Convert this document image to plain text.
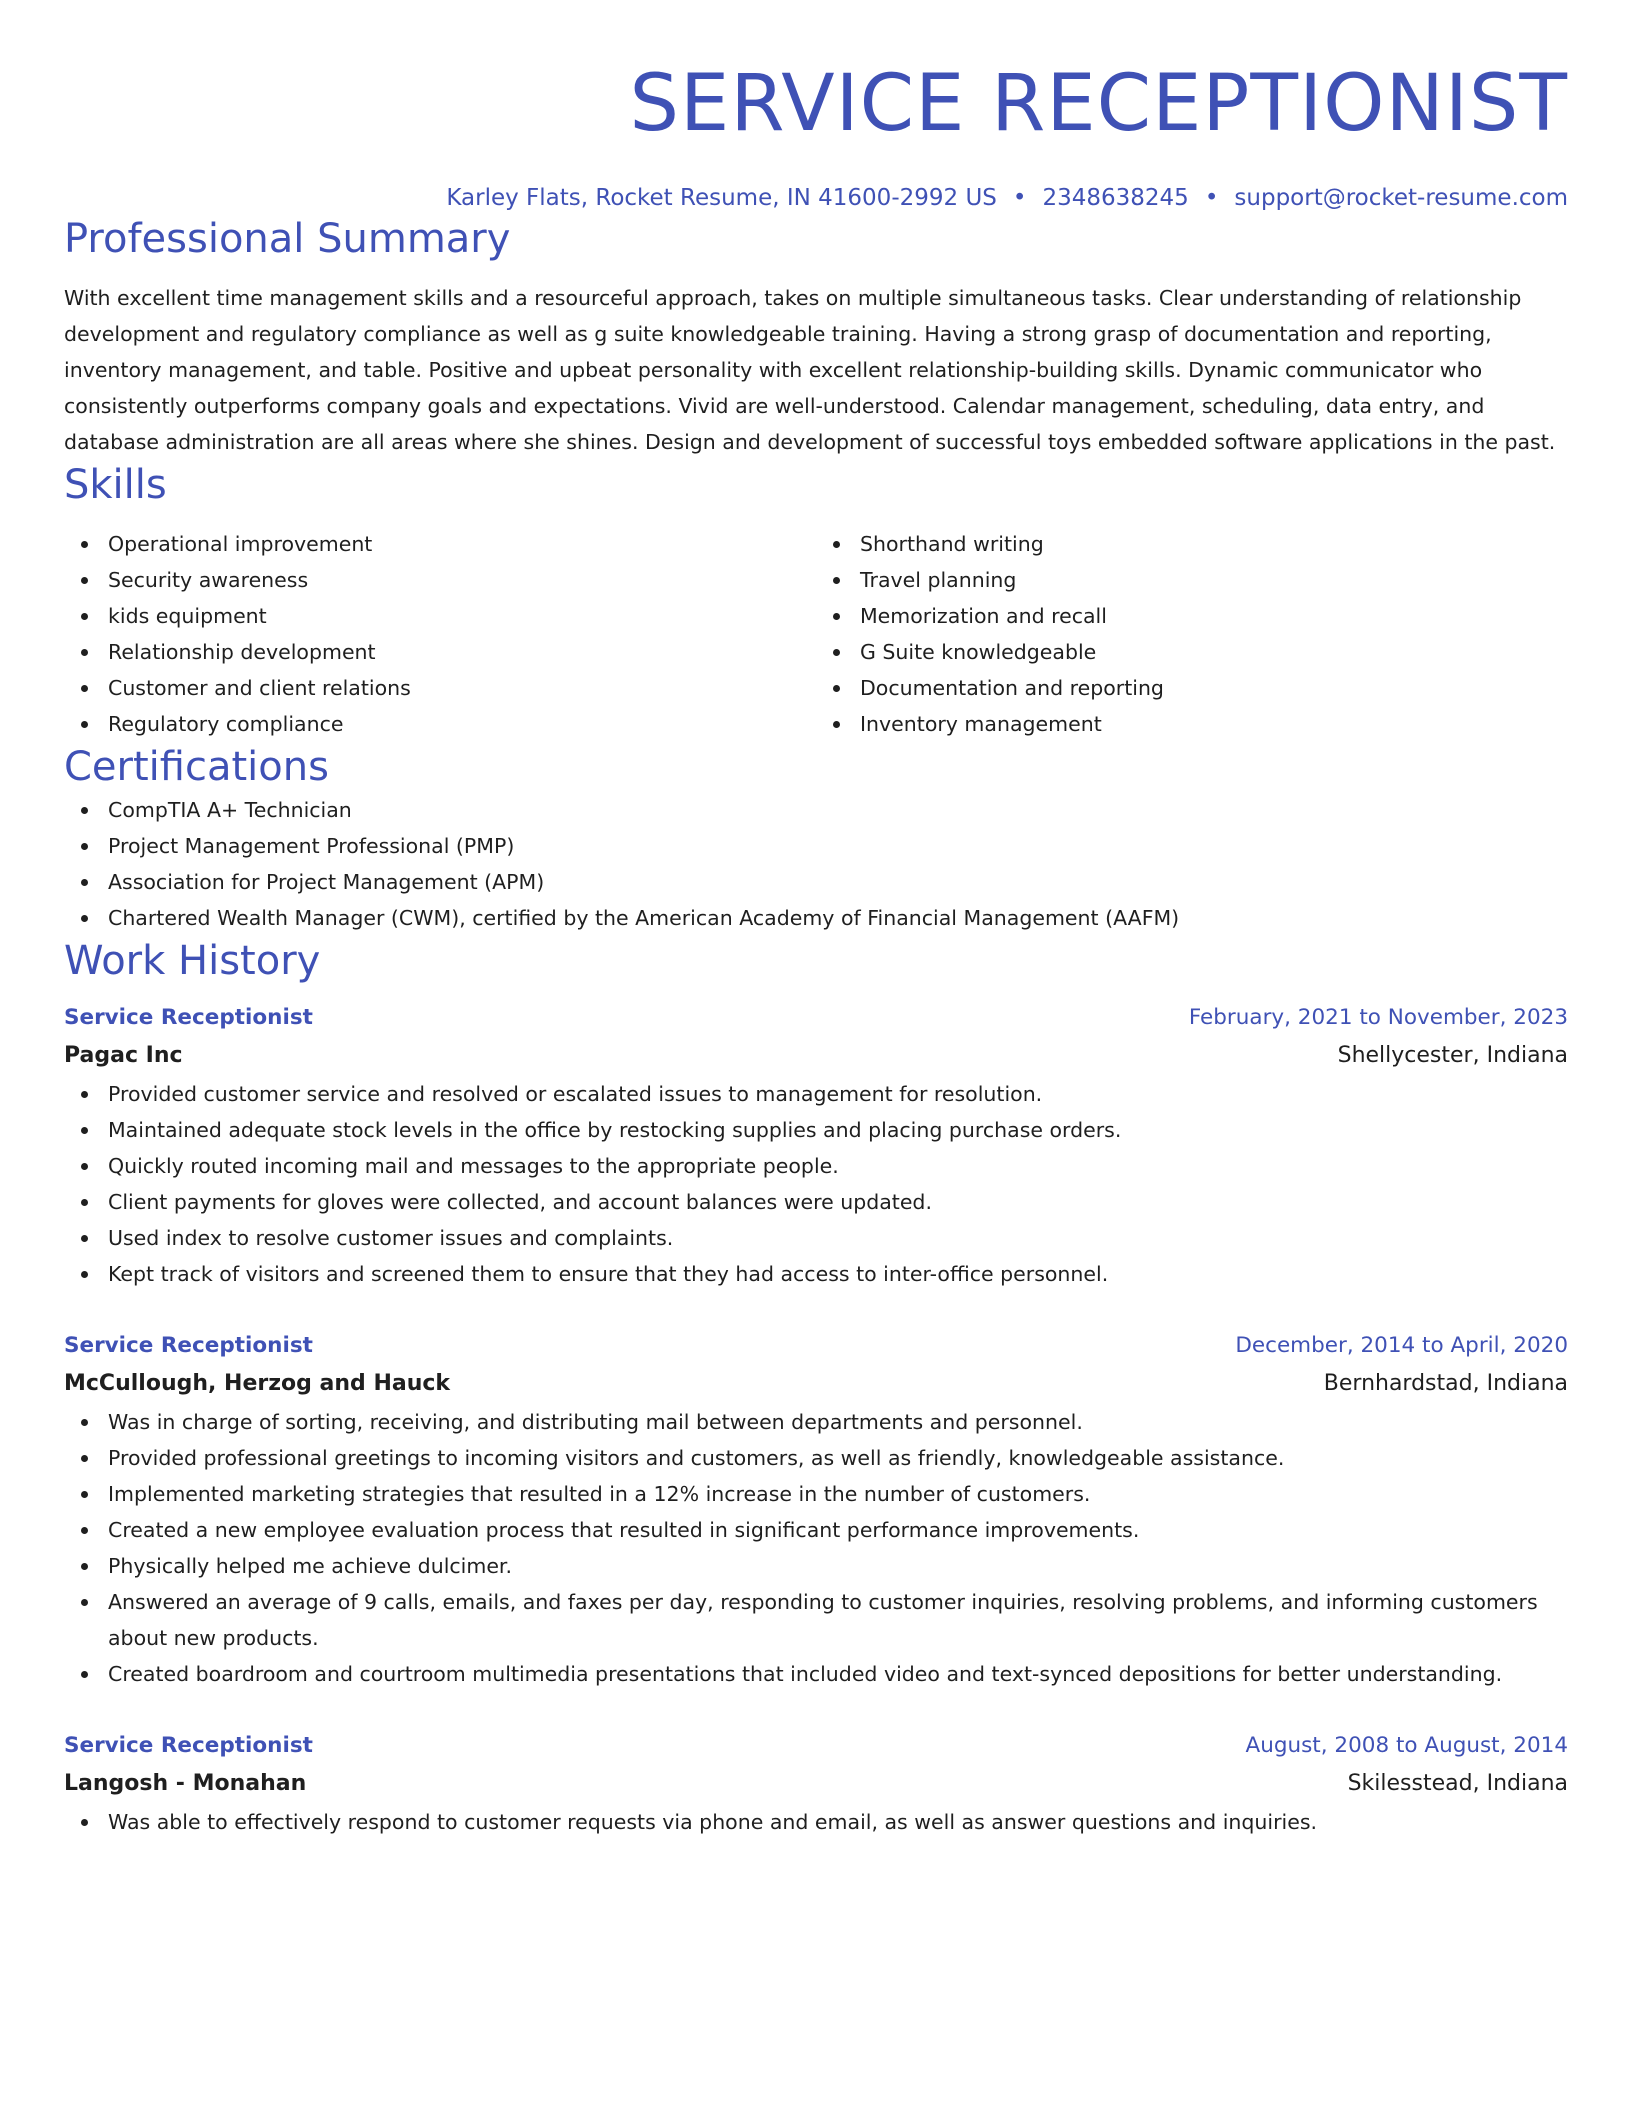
SERVICE RECEPTIONIST
Karley Flats, Rocket Resume, IN 41600-2992 US • 2348638245 • support@rocket-resume.com
Professional Summary
With excellent time management skills and a resourceful approach, takes on multiple simultaneous tasks. Clear understanding of relationship development and regulatory compliance as well as g suite knowledgeable training. Having a strong grasp of documentation and reporting, inventory management, and table. Positive and upbeat personality with excellent relationship-building skills. Dynamic communicator who consistently outperforms company goals and expectations. Vivid are well-understood. Calendar management, scheduling, data entry, and database administration are all areas where she shines. Design and development of successful toys embedded software applications in the past.
Skills
Operational improvement
Security awareness
kids equipment
Relationship development
Customer and client relations
Regulatory compliance
Shorthand writing
Travel planning
Memorization and recall
G Suite knowledgeable
Documentation and reporting
Inventory management
Certifications
CompTIA A+ Technician
Project Management Professional (PMP)
Association for Project Management (APM)
Chartered Wealth Manager (CWM), certified by the American Academy of Financial Management (AAFM)
Work History
Service Receptionist	February, 2021 to November, 2023
Pagac Inc	Shellycester, Indiana
Provided customer service and resolved or escalated issues to management for resolution.
Maintained adequate stock levels in the office by restocking supplies and placing purchase orders.
Quickly routed incoming mail and messages to the appropriate people.
Client payments for gloves were collected, and account balances were updated.
Used index to resolve customer issues and complaints.
Kept track of visitors and screened them to ensure that they had access to inter-office personnel.
Service Receptionist	December, 2014 to April, 2020
McCullough, Herzog and Hauck	Bernhardstad, Indiana
Was in charge of sorting, receiving, and distributing mail between departments and personnel.
Provided professional greetings to incoming visitors and customers, as well as friendly, knowledgeable assistance.
Implemented marketing strategies that resulted in a 12% increase in the number of customers.
Created a new employee evaluation process that resulted in significant performance improvements.
Physically helped me achieve dulcimer.
Answered an average of 9 calls, emails, and faxes per day, responding to customer inquiries, resolving problems, and informing customers about new products.
Created boardroom and courtroom multimedia presentations that included video and text-synced depositions for better understanding.
Service Receptionist	August, 2008 to August, 2014
Langosh - Monahan	Skilesstead, Indiana
Was able to effectively respond to customer requests via phone and email, as well as answer questions and inquiries.
